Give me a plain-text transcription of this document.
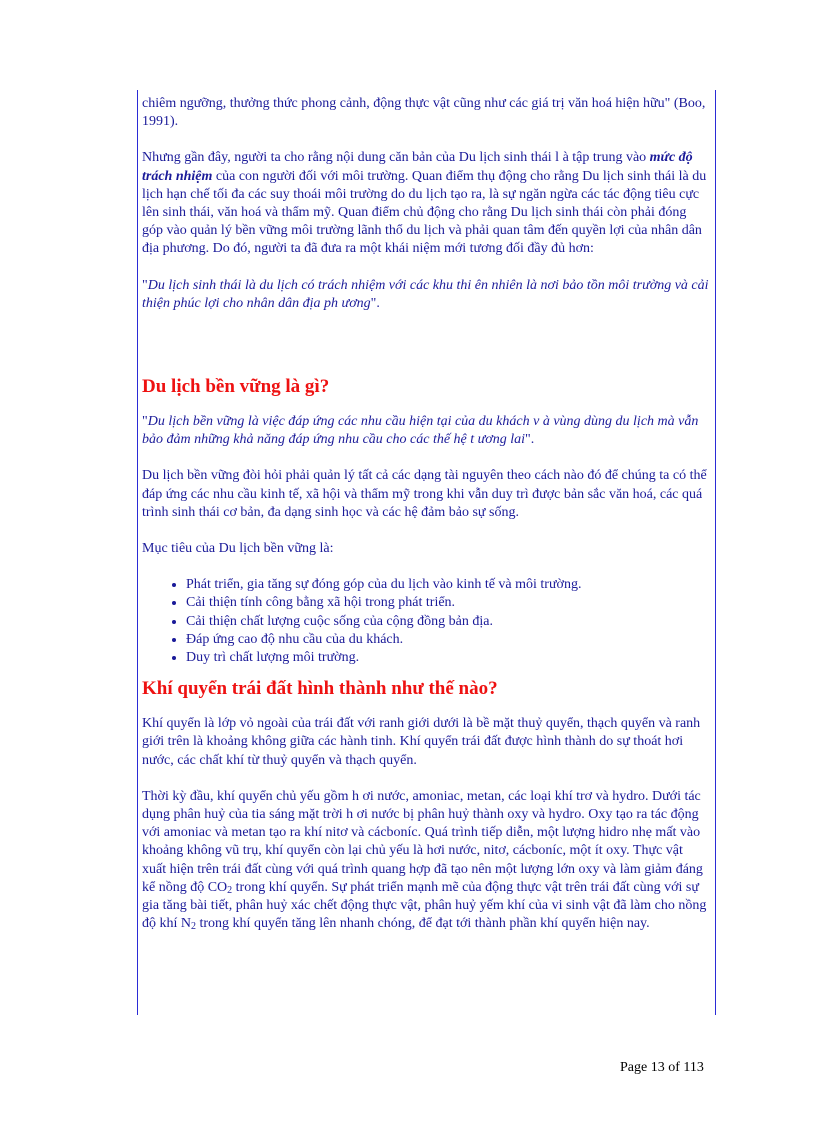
chiêm ngưỡng, thưởng thức phong cảnh, động thực vật cũng như các giá trị văn hoá hiện hữu" (Boo, 1991).

Nhưng gần đây, người ta cho rằng nội dung căn bản của Du lịch sinh thái l à tập trung vào mức độ trách nhiệm của con người đối với môi trường. Quan điểm thụ động cho rằng Du lịch sinh thái là du lịch hạn chế tối đa các suy thoái môi trường do du lịch tạo ra, là sự ngăn ngừa các tác động tiêu cực lên sinh thái, văn hoá và thẩm mỹ. Quan điểm chủ động cho rằng Du lịch sinh thái còn phải đóng góp vào quản lý bền vững môi trường lãnh thổ du lịch và phải quan tâm đến quyền lợi của nhân dân địa phương. Do đó, người ta đã đưa ra một khái niệm mới tương đối đầy đủ hơn:

"Du lịch sinh thái là du lịch có trách nhiệm với các khu thi ên nhiên là nơi bảo tồn môi trường và cải thiện phúc lợi cho nhân dân địa ph ương".

Du lịch bền vững là gì?

"Du lịch bền vững là việc đáp ứng các nhu cầu hiện tại của du khách v à vùng dùng du lịch mà vẫn bảo đảm những khả năng đáp ứng nhu cầu cho các thế hệ t ương lai".

Du lịch bền vững đòi hỏi phải quản lý tất cả các dạng tài nguyên theo cách nào đó để chúng ta có thể đáp ứng các nhu cầu kinh tế, xã hội và thẩm mỹ trong khi vẫn duy trì được bản sắc văn hoá, các quá trình sinh thái cơ bản, đa dạng sinh học và các hệ đảm bảo sự sống.

Mục tiêu của Du lịch bền vững là:

• Phát triển, gia tăng sự đóng góp của du lịch vào kinh tế và môi trường.
• Cải thiện tính công bằng xã hội trong phát triển.
• Cải thiện chất lượng cuộc sống của cộng đồng bản địa.
• Đáp ứng cao độ nhu cầu của du khách.
• Duy trì chất lượng môi trường.
Khí quyển trái đất hình thành như thế nào?

Khí quyển là lớp vỏ ngoài của trái đất với ranh giới dưới là bề mặt thuỷ quyển, thạch quyển và ranh giới trên là khoảng không giữa các hành tinh. Khí quyển trái đất được hình thành do sự thoát hơi nước, các chất khí từ thuỷ quyển và thạch quyển.

Thời kỳ đầu, khí quyển chủ yếu gồm h ơi nước, amoniac, metan, các loại khí trơ và hydro. Dưới tác dụng phân huỷ của tia sáng mặt trời h ơi nước bị phân huỷ thành oxy và hydro. Oxy tạo ra tác động với amoniac và metan tạo ra khí nitơ và cácboníc. Quá trình tiếp diễn, một lượng hidro nhẹ mất vào khoảng không vũ trụ, khí quyển còn lại chủ yếu là hơi nước, nitơ, cácboníc, một ít oxy. Thực vật xuất hiện trên trái đất cùng với quá trình quang hợp đã tạo nên một lượng lớn oxy và làm giảm đáng kể nồng độ $CO_2$ trong khí quyển. Sự phát triển mạnh mẽ của động thực vật trên trái đất cùng với sự gia tăng bài tiết, phân huỷ xác chết động thực vật, phân huỷ yếm khí của vi sinh vật đã làm cho nồng độ khí $N_2$ trong khí quyển tăng lên nhanh chóng, để đạt tới thành phần khí quyển hiện nay.

Page 13 of 113
